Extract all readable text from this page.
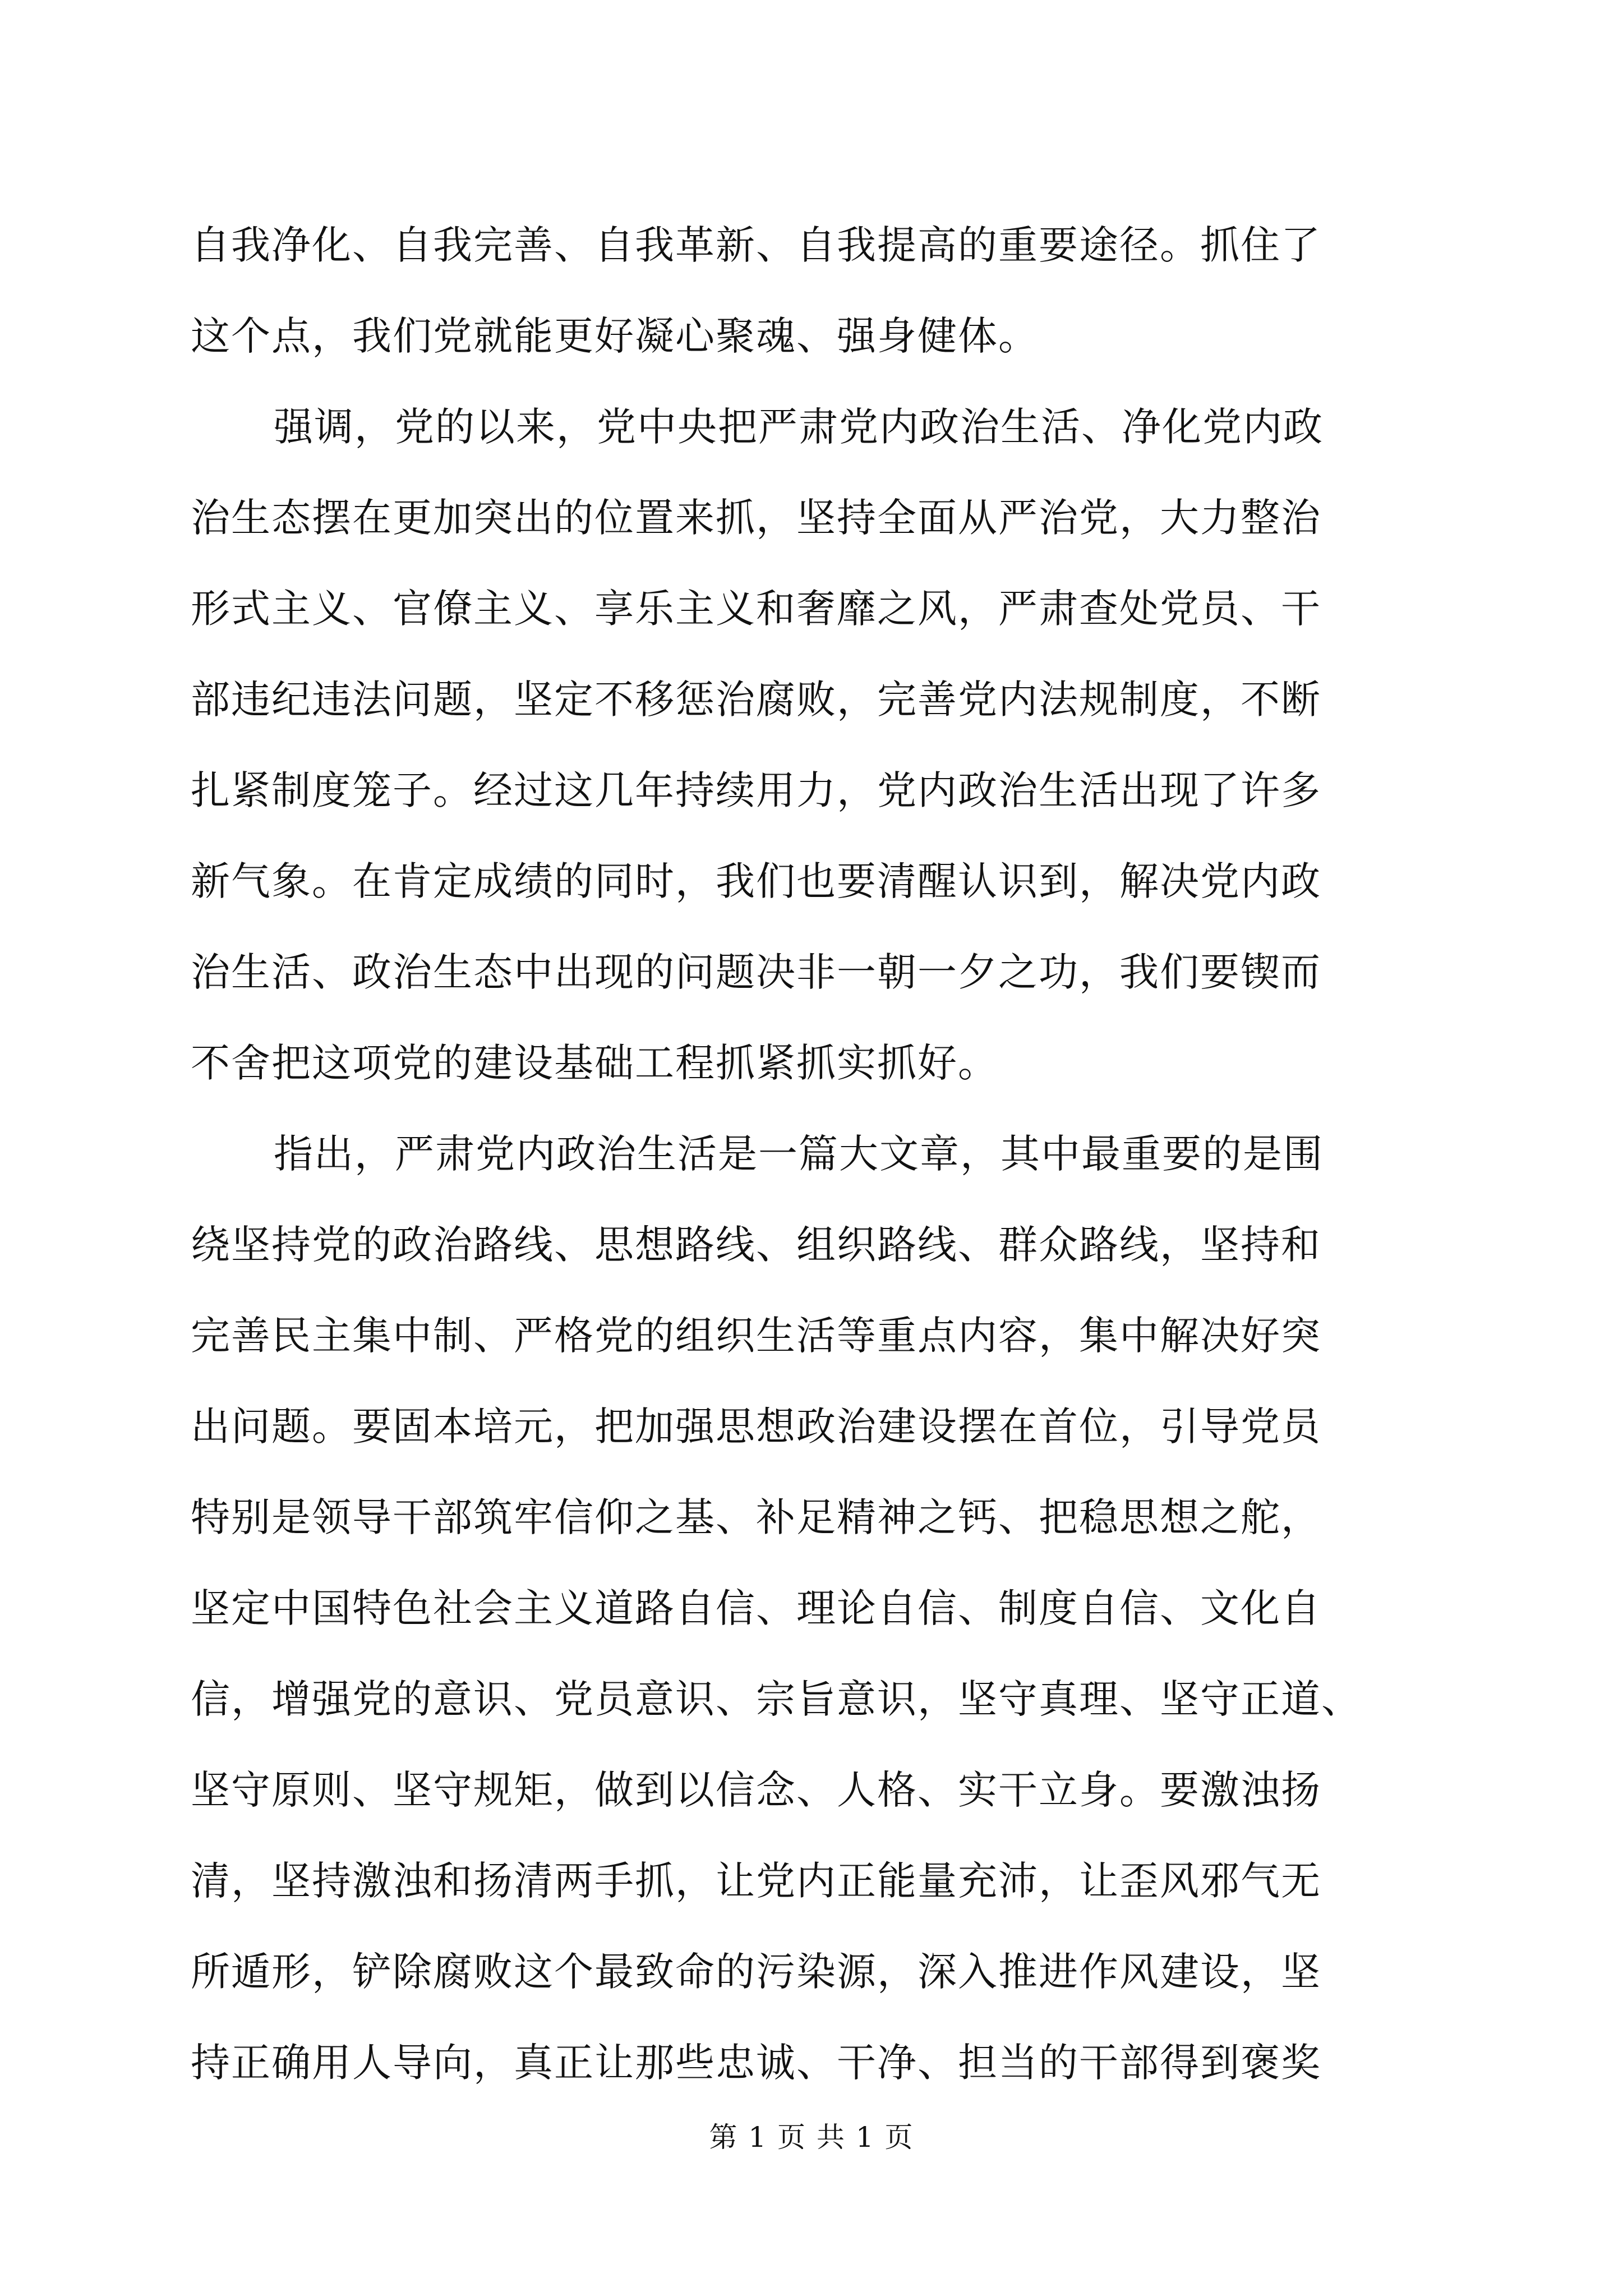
自我净化、自我完善、自我革新、自我提高的重要途径。抓住了
这个点，我们党就能更好凝心聚魂、强身健体。

强调，党的以来，党中央把严肃党内政治生活、净化党内政
治生态摆在更加突出的位置来抓，坚持全面从严治党，大力整治
形式主义、官僚主义、享乐主义和奢靡之风，严肃查处党员、干
部违纪违法问题，坚定不移惩治腐败，完善党内法规制度，不断
扎紧制度笼子。经过这几年持续用力，党内政治生活出现了许多
新气象。在肯定成绩的同时，我们也要清醒认识到，解决党内政
治生活、政治生态中出现的问题决非一朝一夕之功，我们要锲而
不舍把这项党的建设基础工程抓紧抓实抓好。

指出，严肃党内政治生活是一篇大文章，其中最重要的是围
绕坚持党的政治路线、思想路线、组织路线、群众路线，坚持和
完善民主集中制、严格党的组织生活等重点内容，集中解决好突
出问题。要固本培元，把加强思想政治建设摆在首位，引导党员
特别是领导干部筑牢信仰之基、补足精神之钙、把稳思想之舵，
坚定中国特色社会主义道路自信、理论自信、制度自信、文化自
信，增强党的意识、党员意识、宗旨意识，坚守真理、坚守正道、
坚守原则、坚守规矩，做到以信念、人格、实干立身。要激浊扬
清，坚持激浊和扬清两手抓，让党内正能量充沛，让歪风邪气无
所遁形，铲除腐败这个最致命的污染源，深入推进作风建设，坚
持正确用人导向，真正让那些忠诚、干净、担当的干部得到褒奖

第 1 页 共 1 页
